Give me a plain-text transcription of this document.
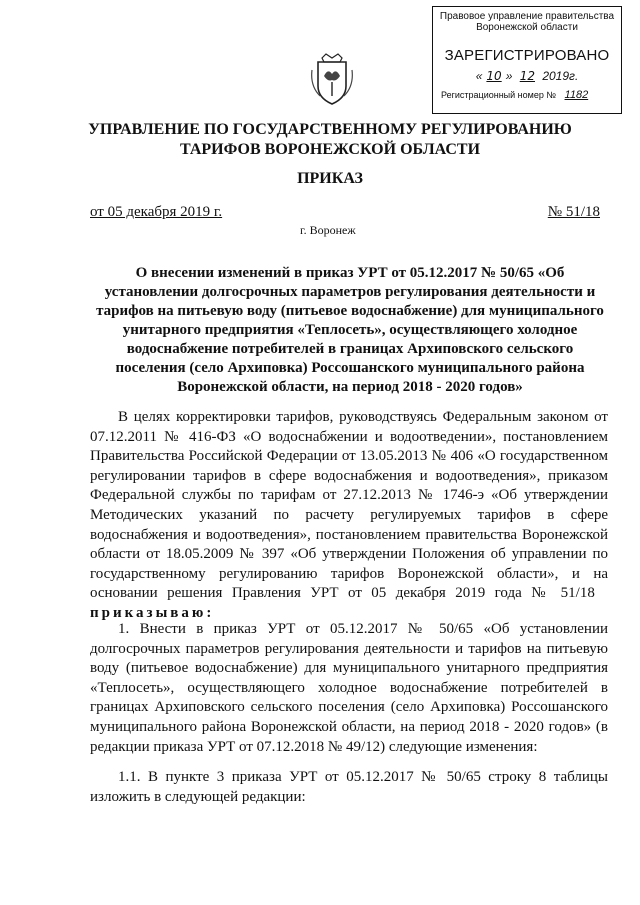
Правовое управление правительства
Воронежской области
ЗАРЕГИСТРИРОВАНО
« 10 » 12 2019г.
Регистрационный номер № 1182
УПРАВЛЕНИЕ ПО ГОСУДАРСТВЕННОМУ РЕГУЛИРОВАНИЮ
ТАРИФОВ ВОРОНЕЖСКОЙ ОБЛАСТИ
ПРИКАЗ
от 05 декабря 2019 г.	№ 51/18
г. Воронеж
О внесении изменений в приказ УРТ от 05.12.2017 № 50/65 «Об установлении долгосрочных параметров регулирования деятельности и тарифов на питьевую воду (питьевое водоснабжение) для муниципального унитарного предприятия «Теплосеть», осуществляющего холодное водоснабжение потребителей в границах Архиповского сельского поселения (село Архиповка) Россошанского муниципального района Воронежской области, на период 2018 - 2020 годов»
В целях корректировки тарифов, руководствуясь Федеральным законом от 07.12.2011 № 416-ФЗ «О водоснабжении и водоотведении», постановлением Правительства Российской Федерации от 13.05.2013 № 406 «О государственном регулировании тарифов в сфере водоснабжения и водоотведения», приказом Федеральной службы по тарифам от 27.12.2013 № 1746-э «Об утверждении Методических указаний по расчету регулируемых тарифов в сфере водоснабжения и водоотведения», постановлением правительства Воронежской области от 18.05.2009 № 397 «Об утверждении Положения об управлении по государственному регулированию тарифов Воронежской области», и на основании решения Правления УРТ от 05 декабря 2019 года № 51/18   приказываю:
1. Внести в приказ УРТ от 05.12.2017 № 50/65 «Об установлении долгосрочных параметров регулирования деятельности и тарифов на питьевую воду (питьевое водоснабжение) для муниципального унитарного предприятия «Теплосеть», осуществляющего холодное водоснабжение потребителей в границах Архиповского сельского поселения (село Архиповка) Россошанского муниципального района Воронежской области, на период 2018 - 2020 годов» (в редакции приказа УРТ от 07.12.2018 № 49/12) следующие изменения:
1.1. В пункте 3 приказа УРТ от 05.12.2017 № 50/65 строку 8 таблицы изложить в следующей редакции:
